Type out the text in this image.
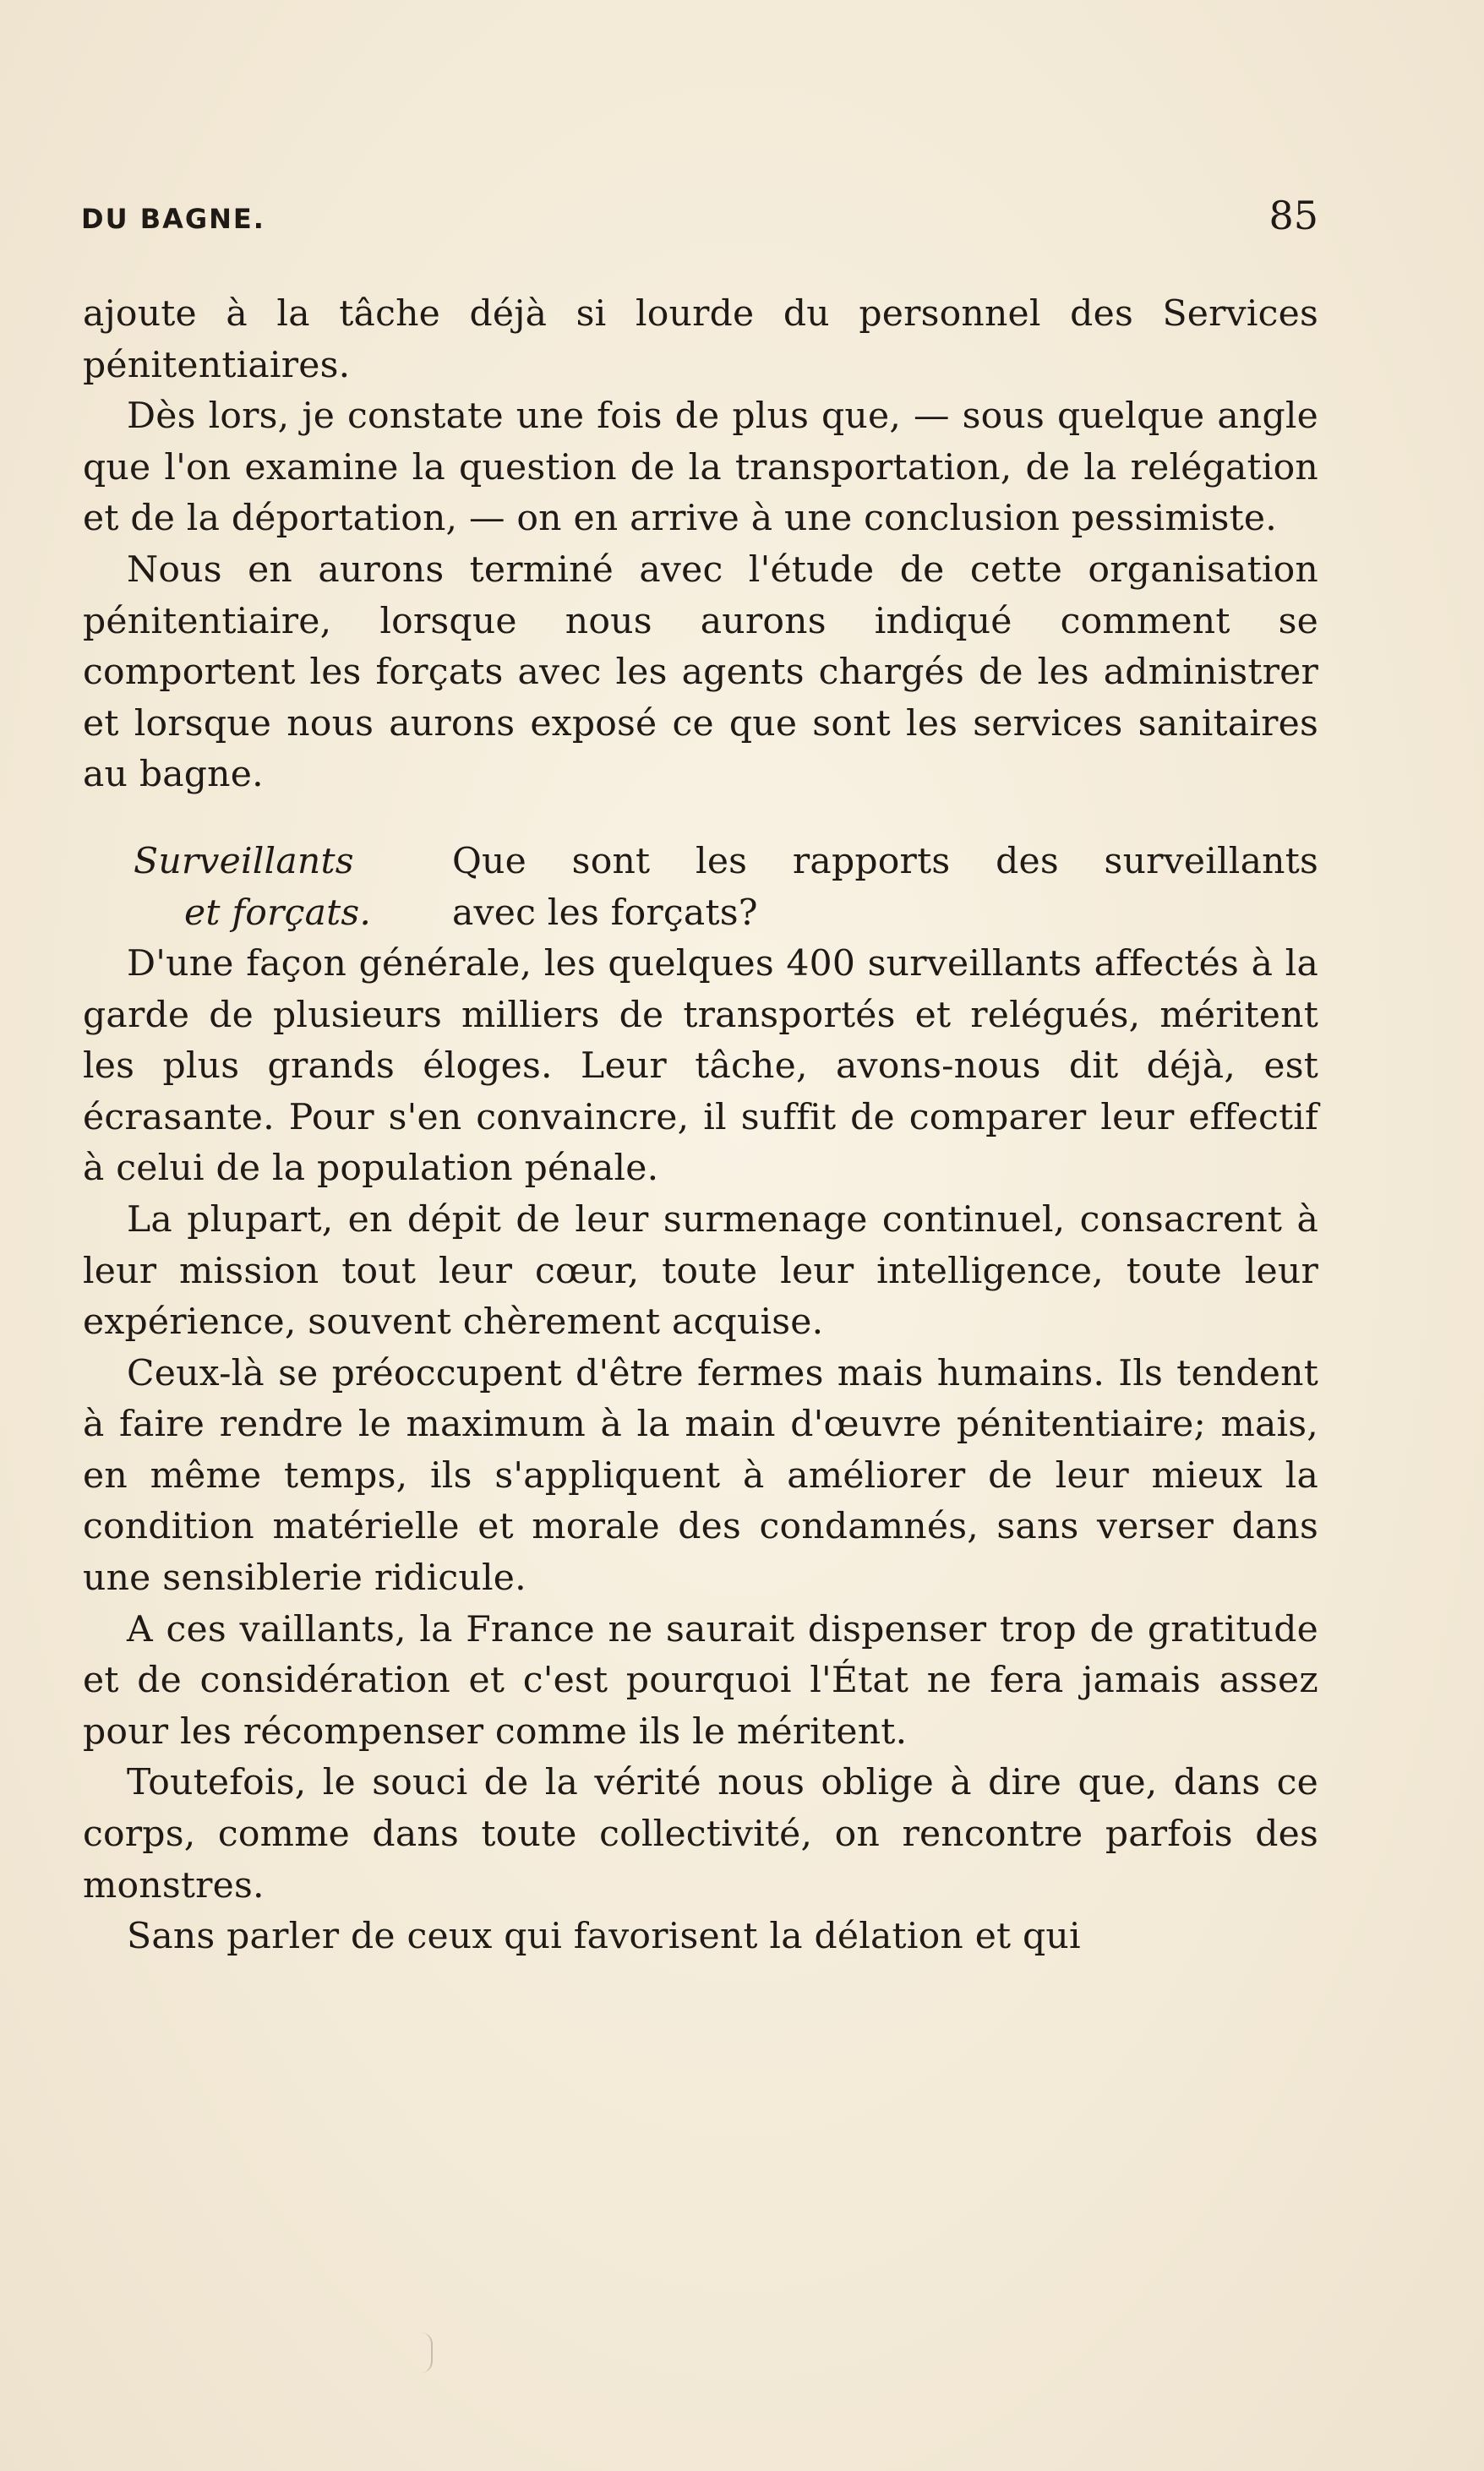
DU BAGNE.	85

ajoute à la tâche déjà si lourde du personnel des Services pénitentiaires.

Dès lors, je constate une fois de plus que, — sous quelque angle que l'on examine la question de la transportation, de la relégation et de la déportation, — on en arrive à une conclusion pessimiste.

Nous en aurons terminé avec l'étude de cette organisation pénitentiaire, lorsque nous aurons indiqué comment se comportent les forçats avec les agents chargés de les administrer et lorsque nous aurons exposé ce que sont les services sanitaires au bagne.

Surveillants
et forçats.
Que sont les rapports des surveillants
avec les forçats?

D'une façon générale, les quelques 400 surveillants affectés à la garde de plusieurs milliers de transportés et relégués, méritent les plus grands éloges. Leur tâche, avons-nous dit déjà, est écrasante. Pour s'en convaincre, il suffit de comparer leur effectif à celui de la population pénale.

La plupart, en dépit de leur surmenage continuel, consacrent à leur mission tout leur cœur, toute leur intelligence, toute leur expérience, souvent chèrement acquise.

Ceux-là se préoccupent d'être fermes mais humains. Ils tendent à faire rendre le maximum à la main d'œuvre pénitentiaire; mais, en même temps, ils s'appliquent à améliorer de leur mieux la condition matérielle et morale des condamnés, sans verser dans une sensiblerie ridicule.

A ces vaillants, la France ne saurait dispenser trop de gratitude et de considération et c'est pourquoi l'État ne fera jamais assez pour les récompenser comme ils le méritent.

Toutefois, le souci de la vérité nous oblige à dire que, dans ce corps, comme dans toute collectivité, on rencontre parfois des monstres.

Sans parler de ceux qui favorisent la délation et qui
